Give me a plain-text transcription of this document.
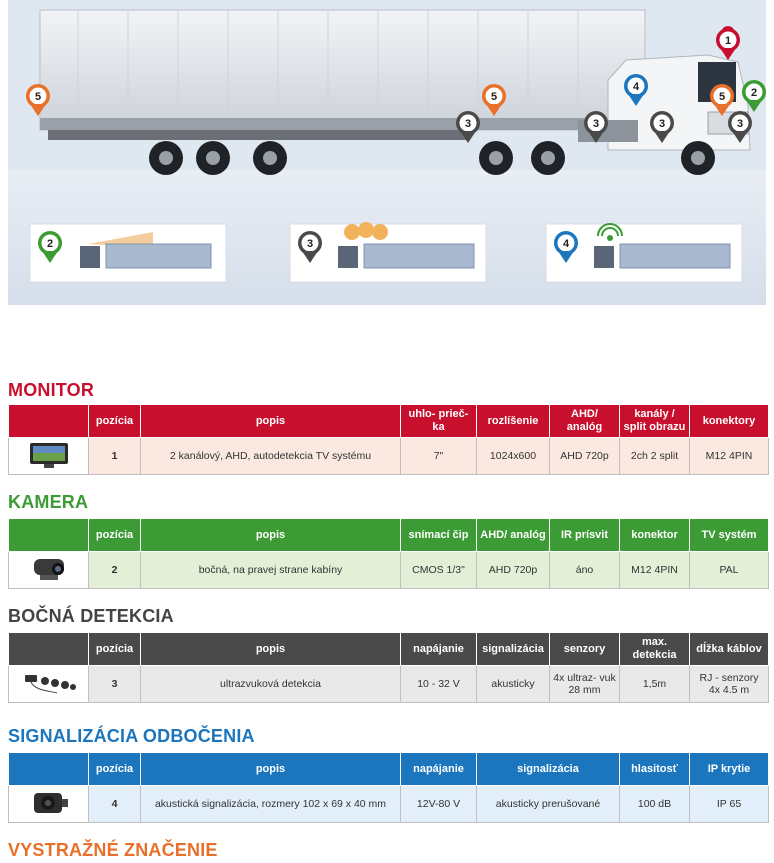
1
2
4
5	5	5
3	3	3	3
2	3	4
MONITOR
	pozícia	popis	uhlo- prieč- ka	rozlíšenie	AHD/ analóg	kanály / split obrazu	konektory
	1	2 kanálový, AHD, autodetekcia TV systému	7"	1024x600	AHD 720p	2ch 2 split	M12 4PIN
KAMERA
	pozícia	popis	snímací čip	AHD/ analóg	IR prísvit	konektor	TV systém
	2	bočná, na pravej strane kabíny	CMOS 1/3"	AHD 720p	áno	M12 4PIN	PAL
BOČNÁ DETEKCIA
	pozícia	popis	napájanie	signalizácia	senzory	max. detekcia	dĺžka káblov
	3	ultrazvuková detekcia	10 - 32 V	akusticky	4x ultraz- vuk 28 mm	1,5m	RJ - senzory 4x 4.5 m
SIGNALIZÁCIA ODBOČENIA
	pozícia	popis	napájanie	signalizácia	hlasitosť	IP krytie
	4	akustická signalizácia, rozmery 102 x 69 x 40 mm	12V-80 V	akusticky prerušované	100 dB	IP 65
VYSTRAŽNÉ ZNAČENIE
